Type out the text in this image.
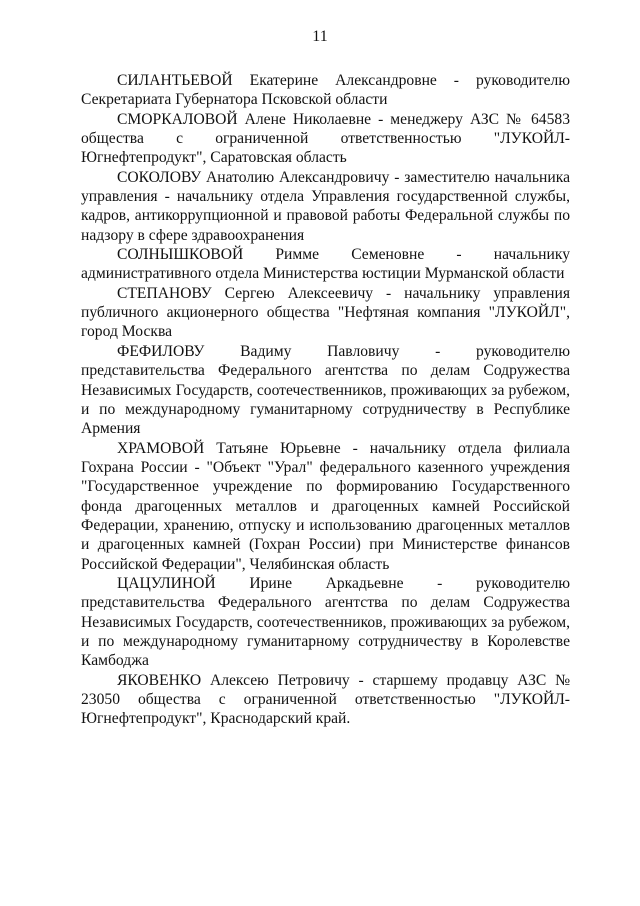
11

СИЛАНТЬЕВОЙ Екатерине Александровне - руководителю Секретариата Губернатора Псковской области

СМОРКАЛОВОЙ Алене Николаевне - менеджеру АЗС № 64583 общества с ограниченной ответственностью "ЛУКОЙЛ-Югнефтепродукт", Саратовская область

СОКОЛОВУ Анатолию Александровичу - заместителю начальника управления - начальнику отдела Управления государственной службы, кадров, антикоррупционной и правовой работы Федеральной службы по надзору в сфере здравоохранения

СОЛНЫШКОВОЙ Римме Семеновне - начальнику административного отдела Министерства юстиции Мурманской области

СТЕПАНОВУ Сергею Алексеевичу - начальнику управления публичного акционерного общества "Нефтяная компания "ЛУКОЙЛ", город Москва

ФЕФИЛОВУ Вадиму Павловичу - руководителю представительства Федерального агентства по делам Содружества Независимых Государств, соотечественников, проживающих за рубежом, и по международному гуманитарному сотрудничеству в Республике Армения

ХРАМОВОЙ Татьяне Юрьевне - начальнику отдела филиала Гохрана России - "Объект "Урал" федерального казенного учреждения "Государственное учреждение по формированию Государственного фонда драгоценных металлов и драгоценных камней Российской Федерации, хранению, отпуску и использованию драгоценных металлов и драгоценных камней (Гохран России) при Министерстве финансов Российской Федерации", Челябинская область

ЦАЦУЛИНОЙ Ирине Аркадьевне - руководителю представительства Федерального агентства по делам Содружества Независимых Государств, соотечественников, проживающих за рубежом, и по международному гуманитарному сотрудничеству в Королевстве Камбоджа

ЯКОВЕНКО Алексею Петровичу - старшему продавцу АЗС № 23050 общества с ограниченной ответственностью "ЛУКОЙЛ-Югнефтепродукт", Краснодарский край.
